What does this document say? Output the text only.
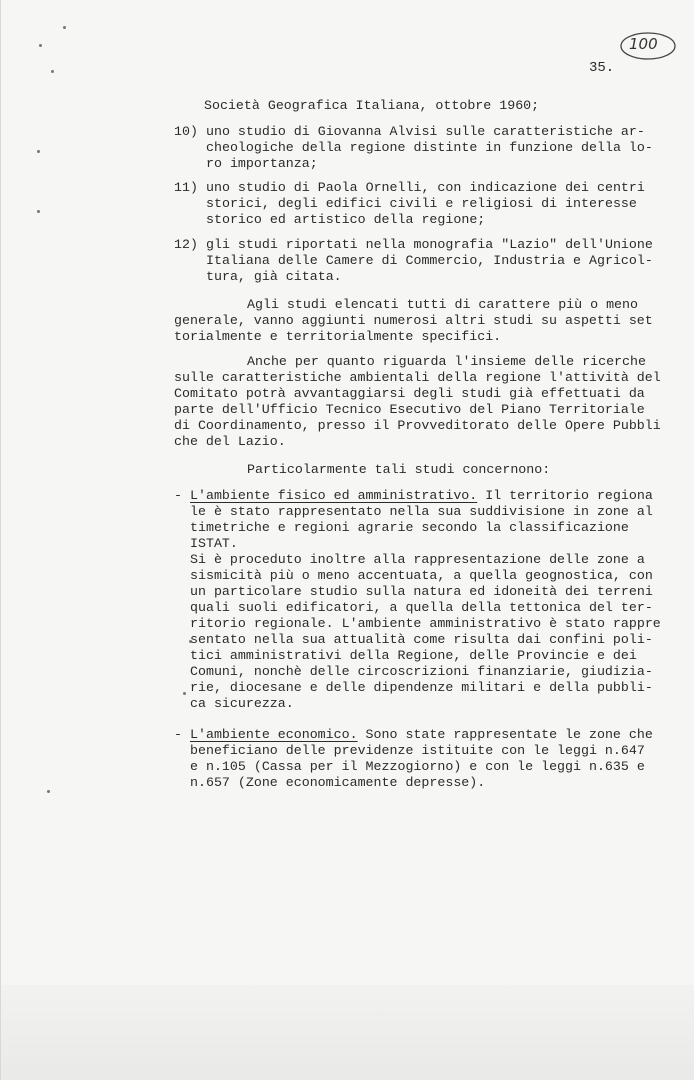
35.
100
Società Geografica Italiana, ottobre 1960;
10) uno studio di Giovanna Alvisi sulle caratteristiche ar-
cheologiche della regione distinte in funzione della lo-
ro importanza;
11) uno studio di Paola Ornelli, con indicazione dei centri
storici, degli edifici civili e religiosi di interesse
storico ed artistico della regione;
12) gli studi riportati nella monografia "Lazio" dell'Unione
Italiana delle Camere di Commercio, Industria e Agricol-
tura, già citata.
Agli studi elencati tutti di carattere più o meno
generale, vanno aggiunti numerosi altri studi su aspetti set
torialmente e territorialmente specifici.
Anche per quanto riguarda l'insieme delle ricerche
sulle caratteristiche ambientali della regione l'attività del
Comitato potrà avvantaggiarsi degli studi già effettuati da
parte dell'Ufficio Tecnico Esecutivo del Piano Territoriale
di Coordinamento, presso il Provveditorato delle Opere Pubbli
che del Lazio.
Particolarmente tali studi concernono:
- L'ambiente fisico ed amministrativo. Il territorio regiona
le è stato rappresentato nella sua suddivisione in zone al
timetriche e regioni agrarie secondo la classificazione
ISTAT.
Si è proceduto inoltre alla rappresentazione delle zone a
sismicità più o meno accentuata, a quella geognostica, con
un particolare studio sulla natura ed idoneità dei terreni
quali suoli edificatori, a quella della tettonica del ter-
ritorio regionale. L'ambiente amministrativo è stato rappre
sentato nella sua attualità come risulta dai confini poli-
tici amministrativi della Regione, delle Provincie e dei
Comuni, nonchè delle circoscrizioni finanziarie, giudizia-
rie, diocesane e delle dipendenze militari e della pubbli-
ca sicurezza.
- L'ambiente economico. Sono state rappresentate le zone che
beneficiano delle previdenze istituite con le leggi n.647
e n.105 (Cassa per il Mezzogiorno) e con le leggi n.635 e
n.657 (Zone economicamente depresse).
